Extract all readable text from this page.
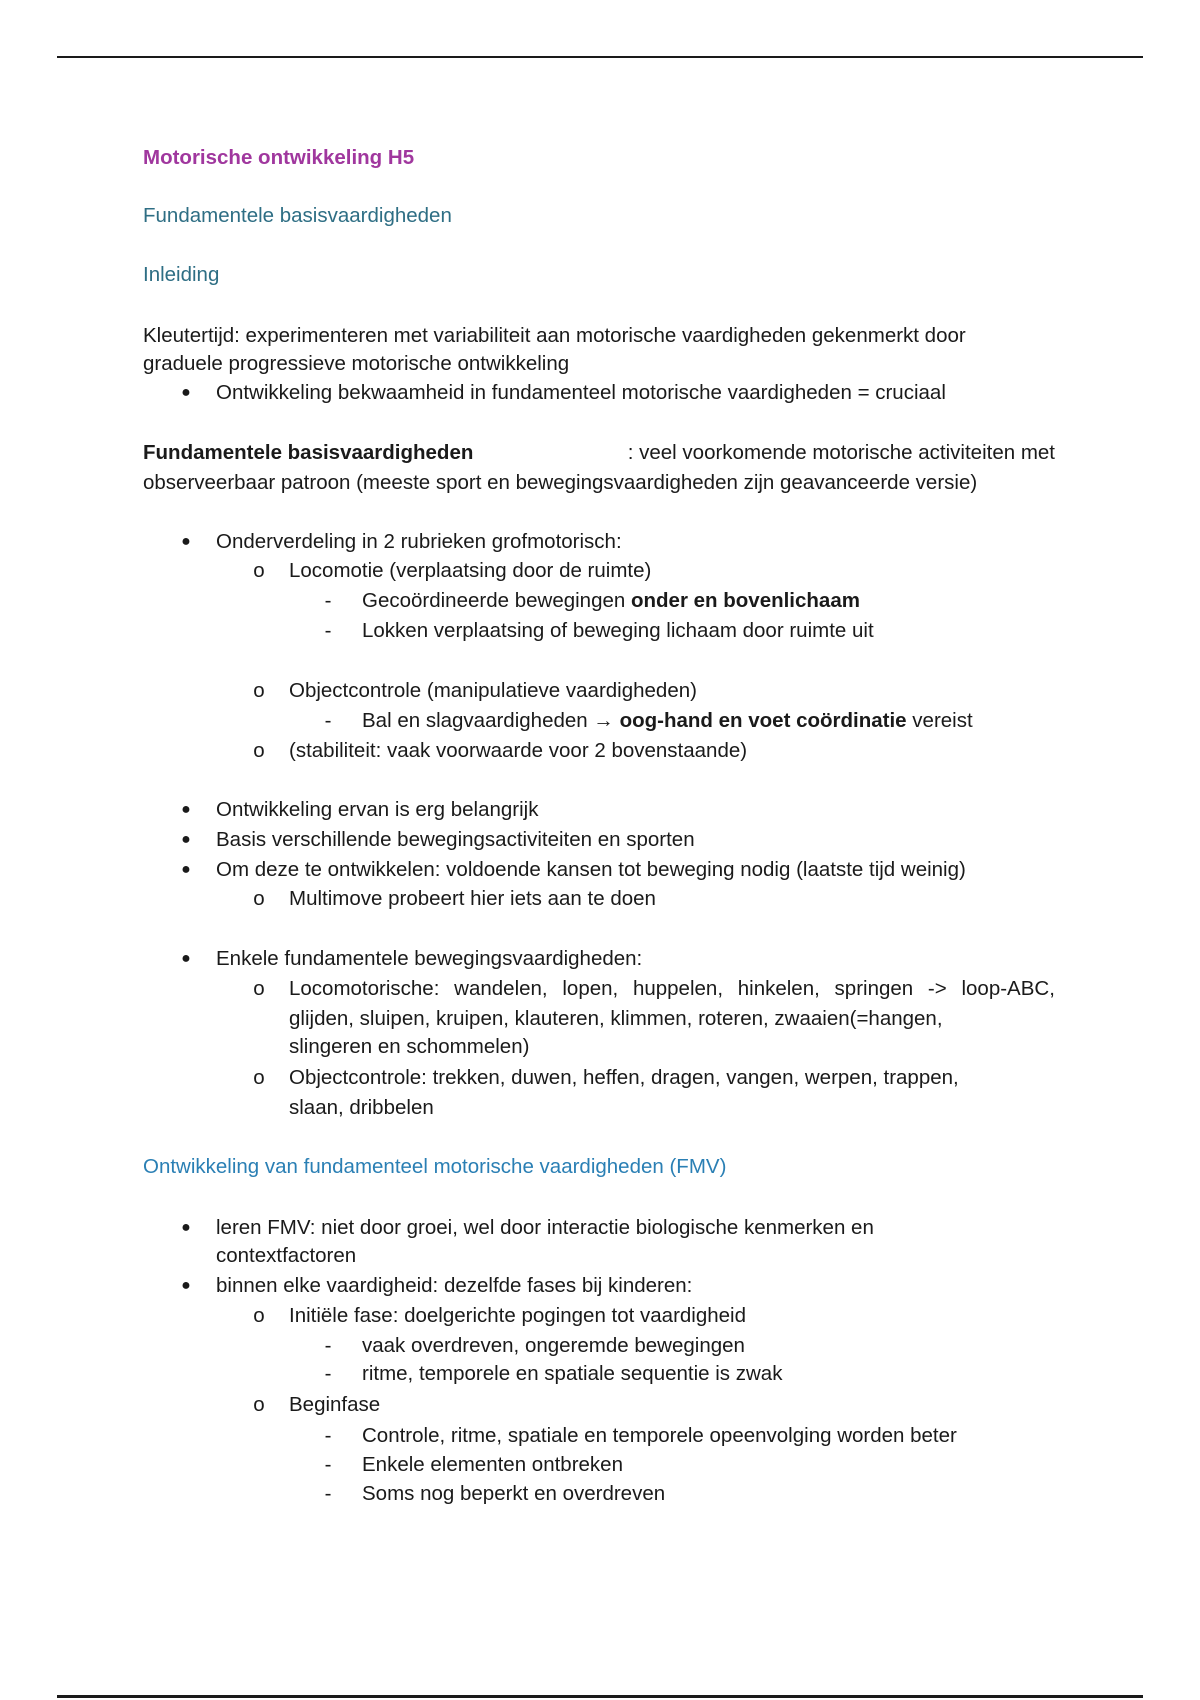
Motorische ontwikkeling H5
Fundamentele basisvaardigheden
Inleiding
Kleutertijd: experimenteren met variabiliteit aan motorische vaardigheden gekenmerkt door
graduele progressieve motorische ontwikkeling
● Ontwikkeling bekwaamheid in fundamenteel motorische vaardigheden = cruciaal
Fundamentele basisvaardigheden	: veel voorkomende motorische activiteiten met
observeerbaar patroon (meeste sport en bewegingsvaardigheden zijn geavanceerde versie)
● Onderverdeling in 2 rubrieken grofmotorisch:
o Locomotie (verplaatsing door de ruimte)
- Gecoördineerde bewegingen onder en bovenlichaam
- Lokken verplaatsing of beweging lichaam door ruimte uit
o Objectcontrole (manipulatieve vaardigheden)
- Bal en slagvaardigheden → oog-hand en voet coördinatie vereist
o (stabiliteit: vaak voorwaarde voor 2 bovenstaande)
● Ontwikkeling ervan is erg belangrijk
● Basis verschillende bewegingsactiviteiten en sporten
● Om deze te ontwikkelen: voldoende kansen tot beweging nodig (laatste tijd weinig)
o Multimove probeert hier iets aan te doen
● Enkele fundamentele bewegingsvaardigheden:
o Locomotorische: wandelen, lopen, huppelen, hinkelen, springen -> loop-ABC,
glijden, sluipen, kruipen, klauteren, klimmen, roteren, zwaaien(=hangen,
slingeren en schommelen)
o Objectcontrole: trekken, duwen, heffen, dragen, vangen, werpen, trappen,
slaan, dribbelen
Ontwikkeling van fundamenteel motorische vaardigheden (FMV)
● leren FMV: niet door groei, wel door interactie biologische kenmerken en
contextfactoren
● binnen elke vaardigheid: dezelfde fases bij kinderen:
o Initiële fase: doelgerichte pogingen tot vaardigheid
- vaak overdreven, ongeremde bewegingen
- ritme, temporele en spatiale sequentie is zwak
o Beginfase
- Controle, ritme, spatiale en temporele opeenvolging worden beter
- Enkele elementen ontbreken
- Soms nog beperkt en overdreven
